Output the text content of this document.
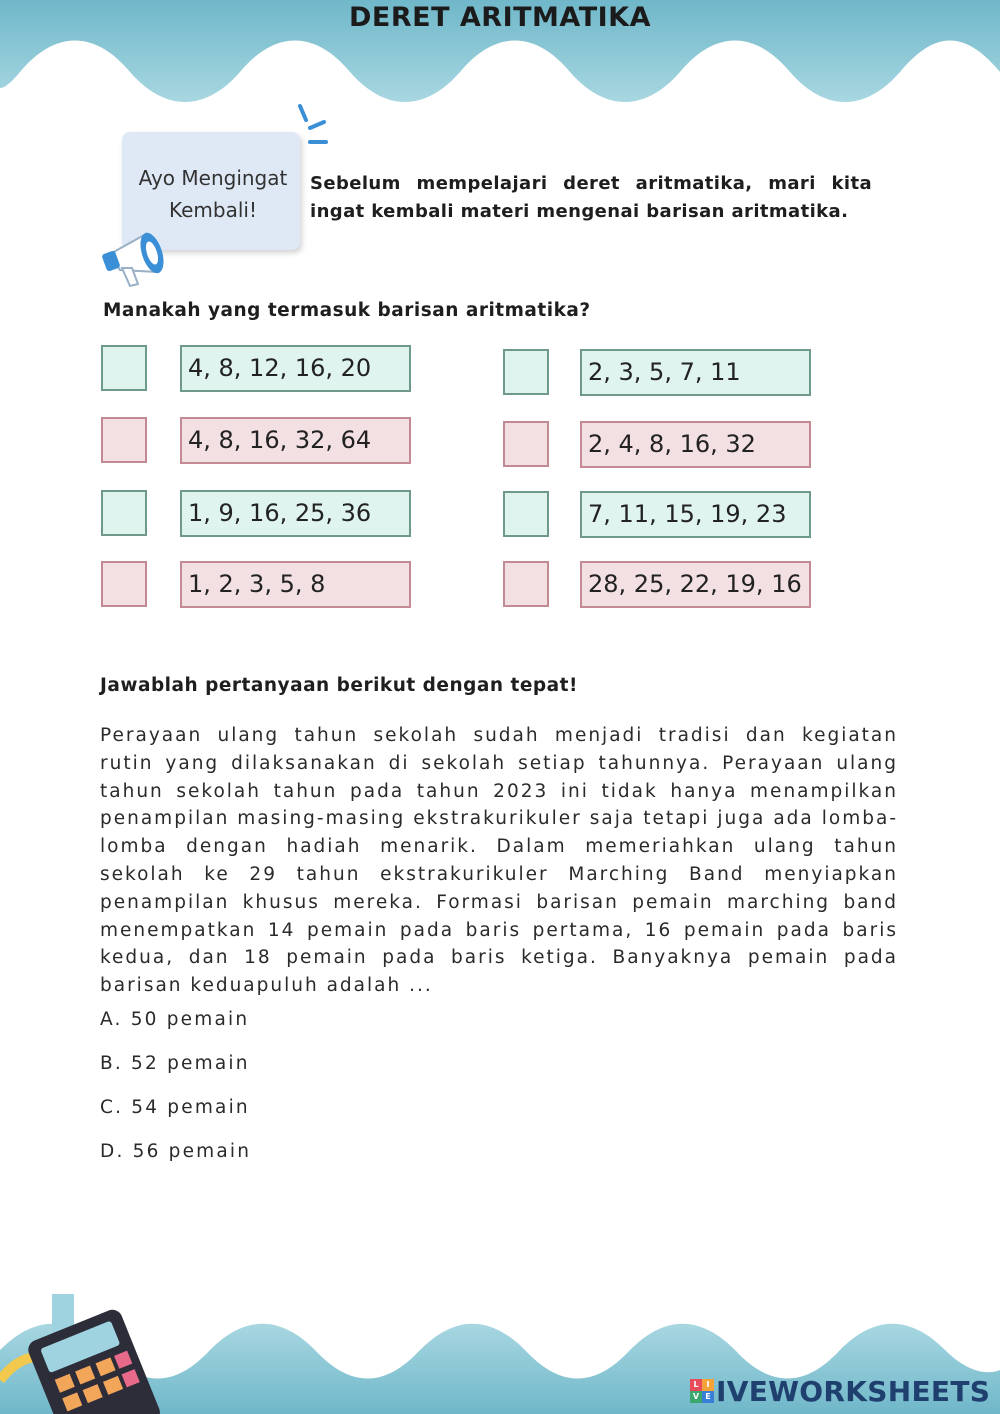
DERET ARITMATIKA
Ayo Mengingat
Kembali!
Sebelum mempelajari deret aritmatika, mari kita ingat kembali materi mengenai barisan aritmatika.
Manakah yang termasuk barisan aritmatika?
4, 8, 12, 16, 20	2, 3, 5, 7, 11
4, 8, 16, 32, 64	2, 4, 8, 16, 32
1, 9, 16, 25, 36	7, 11, 15, 19, 23
1, 2, 3, 5, 8	28, 25, 22, 19, 16
Jawablah pertanyaan berikut dengan tepat!
Perayaan ulang tahun sekolah sudah menjadi tradisi dan kegiatan rutin yang dilaksanakan di sekolah setiap tahunnya. Perayaan ulang tahun sekolah tahun pada tahun 2023 ini tidak hanya menampilkan penampilan masing-masing ekstrakurikuler saja tetapi juga ada lomba-lomba dengan hadiah menarik. Dalam memeriahkan ulang tahun sekolah ke 29 tahun ekstrakurikuler Marching Band menyiapkan penampilan khusus mereka. Formasi barisan pemain marching band menempatkan 14 pemain pada baris pertama, 16 pemain pada baris kedua, dan 18 pemain pada baris ketiga. Banyaknya pemain pada barisan keduapuluh adalah ...
A. 50 pemain
B. 52 pemain
C. 54 pemain
D. 56 pemain
L I
V E IVEWORKSHEETS
